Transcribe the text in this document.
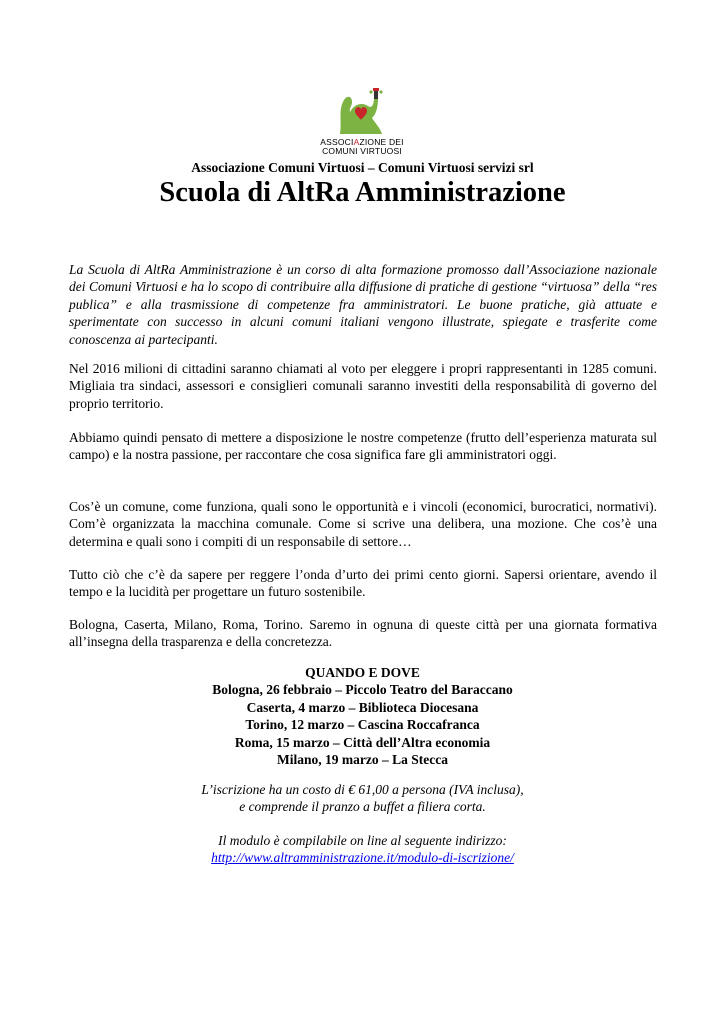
ASSOCIAZIONE DEI
COMUNI VIRTUOSI
Associazione Comuni Virtuosi – Comuni Virtuosi servizi srl
Scuola di AltRa Amministrazione
La Scuola di AltRa Amministrazione è un corso di alta formazione promosso dall’Associazione nazionale dei Comuni Virtuosi e ha lo scopo di contribuire alla diffusione di pratiche di gestione “virtuosa” della “res publica” e alla trasmissione di competenze fra amministratori. Le buone pratiche, già attuate e sperimentate con successo in alcuni comuni italiani vengono illustrate, spiegate e trasferite come conoscenza ai partecipanti.
Nel 2016 milioni di cittadini saranno chiamati al voto per eleggere i propri rappresentanti in 1285 comuni. Migliaia tra sindaci, assessori e consiglieri comunali saranno investiti della responsabilità di governo del proprio territorio.
Abbiamo quindi pensato di mettere a disposizione le nostre competenze (frutto dell’esperienza maturata sul campo) e la nostra passione, per raccontare che cosa significa fare gli amministratori oggi.
Cos’è un comune, come funziona, quali sono le opportunità e i vincoli (economici, burocratici, normativi). Com’è organizzata la macchina comunale. Come si scrive una delibera, una mozione. Che cos’è una determina e quali sono i compiti di un responsabile di settore…
Tutto ciò che c’è da sapere per reggere l’onda d’urto dei primi cento giorni. Sapersi orientare, avendo il tempo e la lucidità per progettare un futuro sostenibile.
Bologna, Caserta, Milano, Roma, Torino. Saremo in ognuna di queste città per una giornata formativa all’insegna della trasparenza e della concretezza.
QUANDO E DOVE
Bologna, 26 febbraio – Piccolo Teatro del Baraccano
Caserta, 4 marzo – Biblioteca Diocesana
Torino, 12 marzo – Cascina Roccafranca
Roma, 15 marzo – Città dell’Altra economia
Milano, 19 marzo – La Stecca
L’iscrizione ha un costo di € 61,00 a persona (IVA inclusa),
e comprende il pranzo a buffet a filiera corta.
Il modulo è compilabile on line al seguente indirizzo:
http://www.altramministrazione.it/modulo-di-iscrizione/
